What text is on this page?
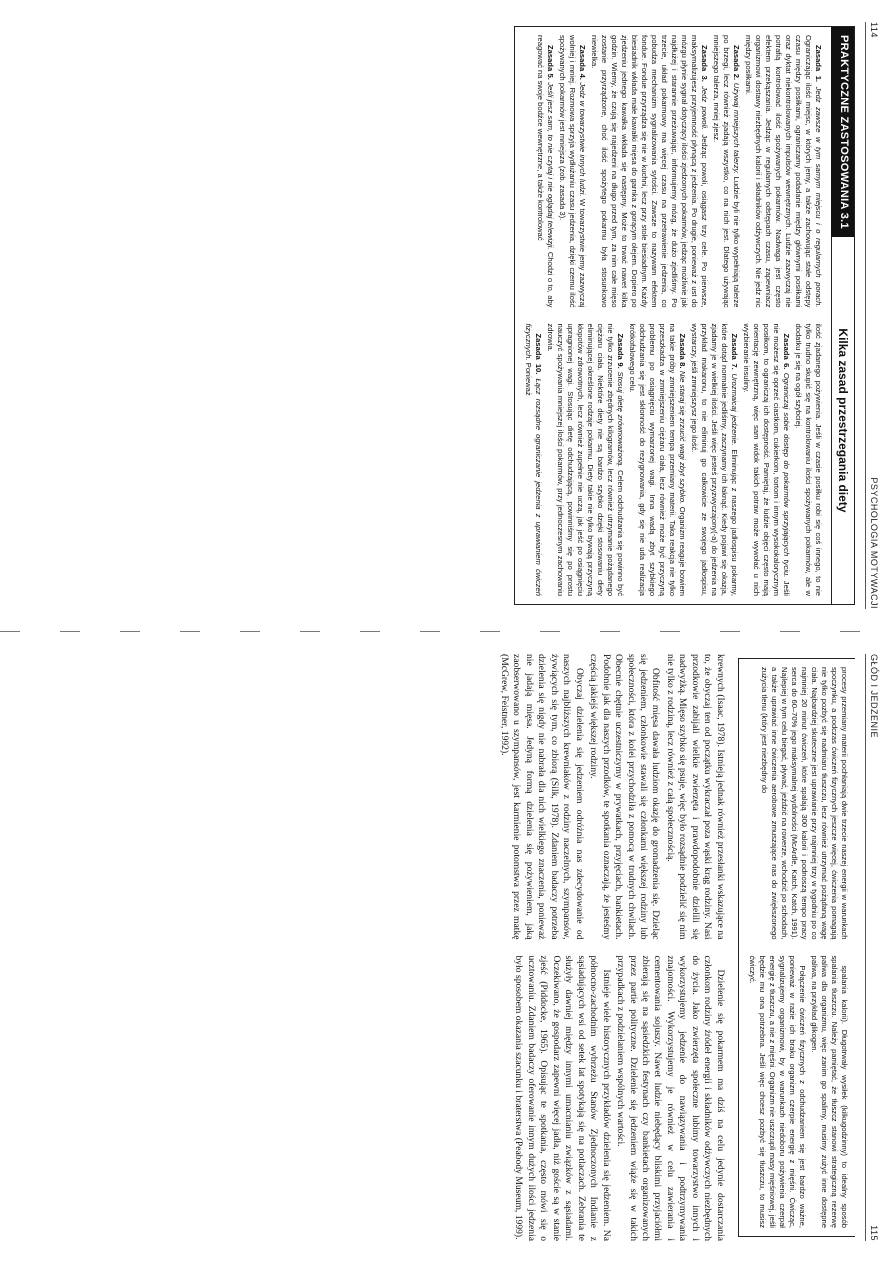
114
PSYCHOLOGIA MOTYWACJI
PRAKTYCZNE ZASTOSOWANIA 3.1
Kilka zasad przestrzegania diety

Zasada 1. Jedz zawsze w tym samym miejscu i o regularnych porach. Ograniczając ilość miejsc, w których jemy, a także zachowując stałe odstępy czasu między posiłkami, ograniczamy podadanie między głównymi posiłkami oraz dyktat niekontrolowanych impulsów wewnętrznych. Ludzie zazwyczaj nie potrafią kontrolować ilość spożywanych pokarmów. Nadwaga jest często efektem przekąszania. Jedząc w regularnych odstępach czasu, zapewniacz organizmowi dostawy niezbędnych kalorii i składników odżywczych. Nie jedz nic między posiłkami.

Zasada 2. Używaj mniejszych talerzy. Ludzie byli nie tylko wypełniają talerze po brzegi, lecz również zjadają wszystko, co na nich jest. Dlatego używając mniejszego talerza, mniej zjesz.

Zasada 3. Jedz powoli. Jedząc powoli, osiągasz trzy cele. Po pierwsze, maksymalizujesz przyjemność płynącą z jedzenia. Po drugie, ponieważ z ust do mózgu płynie sygnał dotyczący ilości zjedzonych pokarmów, jedząc możliwie jak najdłużej i starannie przeżuwając, informujemy mózg, że dużo zjedliśmy. Po trzecie, układ pokarmowy ma więcej czasu na przetrawienie jedzenia, co pobudza mechanizm sygnalizowania sytości. Zawsze to nazywam efektem fondue. Fondue przyrządza się nie w kuchni, lecz przy stole biesiadnym. Każdy biesiadnik wkłada małe kawałki mięsa do garnka z gorącym olejem. Dopiero po zjedzeniu jednego kawałka wkłada się następny. Może to trwać nawet kilka godzin. Wiemy, że czują się najedzeni na długo przed tym, za nim całe mięso zostanie przyrządzone, choć ilość spożytego pokarmu była stosunkowo niewielka.

Zasada 4. Jedz w towarzystwie innych ludzi. W towarzystwie jemy zazwyczaj wolniej i mniej. Rozmowa sprzyja wydłużaniu czasu jedzenia, dzięki czemu ilość spożywanych pokarmów jest mniejsza (zob. zasada 3).

Zasada 5. Jeśli jesz sam, to nie czytaj i nie oglądaj telewizji. Chodzi o to, aby reagować na swoje bodźce wewnętrzne, a także kontrolować

ilość zjadanego pożywienia. Jeśli w czasie posiłku robi się coś innego, to nie tylko trudno skupić się na kontrolowaniu ilości spożywanych pokarmów, ale w dodatku je się na ogół szybciej.

Zasada 6. Ograniczaj sobie dostęp do pokarmów sprzyjających tyciu. Jeśli nie możesz się oprzeć ciastkom, cukierkom, tortom i innym wysokokalorycznym posiłkom, to ograniczaj ich dostępność. Pamiętaj, że ludzie objęci często mają orientację zewnętrzną, więc sam widok takich potraw może wywołać u nich wyzbieranie insuliny.

Zasada 7. Urozmaicaj jedzenie. Eliminując z naszego jadłospisu pokarmy, które dotąd normalnie jedliśmy, zaczynamy ich łaknąć. Kiedy pojawi się okazja, zjadamy je w wielkiej ilości. Jeśli więc jesteś przyzwyczajony(-a) do jedzenia na przykład makaronu, to nie eliminuj go całkowicie ze swojego jadłospisu, wystarczy, jeśli zmniejszysz jego ilość.

Zasada 8. Nie staraj się zrzucić wagi zbyt szybko. Organizm reaguje bowiem na takie próby zmniejszeniem tempa przemiany materii. Taka reakcja nie tylko przeszkadza w zmniejszeniu ciężaru ciała, lecz również może być przyczyną problemu po osiągnięciu wymarzonej wagi. Inna wadą zbyt szybkiego odchudzania się jest skłonność do rezygnowania, gdy się nie uda realizacja krótkofalowego celu.

Zasada 9. Stosuj dietę zrównoważoną. Celem odchudzania się powinno być nie tylko zrzucenie zbędnych kilogramów, lecz również utrzymanie pożądanego ciężaru ciała. Niektóre diety nie są bardzo szybko dzięki stosowaniu diety eliminującej określone rodzaje pokarmu. Diety takie nie tylko bywają przyczyną kłopotów zdrowotnych, lecz również zupełnie nie uczą, jak jeść po osiągnięciu upragnionej wagi. Stosując dietę odchudzającą, powinniśmy się po prostu nauczyć spożywania mniejszej ilości pokarmów, przy jednoczesnym zachowaniu zdrowia.

Zasada 10. Łącz rozsądne ograniczanie jedzenia z uprawianiem ćwiczeń fizycznych. Ponieważ

GŁÓD I JEDZENIE
115

procesy przemiany materii pochłaniają dwie trzecie naszej energii w warunkach spoczynku, a podczas ćwiczeń fizycznych jeszcze więcej, ćwiczenia pomagają nie tylko pozbyć się nadmiaru tłuszczu, lecz również utrzymać pożądaną wagę ciała. Najbardziej skuteczne jest uprawianie przy najmniej trzy w tygodniu po co najmniej 20 minut ćwiczeń, które spalają 300 kalorii i podnoszą tempo pracy serca do 60–70% jego maksymalnej wydolności (McArdle, Katch, Katch, 1991). Najlepiej w tym celu biegać, pływać, jeździć na rowerze, wchodzić po schodach, a także uprawiać inne ćwiczenia aerobowe zmuszające nas do zwiększonego zużycia tlenu (który jest niezbędny do

spalania kalorii). Długotrwały wysiłek (kilkugodzinny) to idealny sposób spalania tłuszczu. Należy pamiętać, że tłuszcz stanowi strategiczną rezerwę paliwa dla organizmu, więc zanim go spalimy, musimy zużyć inne dostępne paliwa, na przykład glikogen.

Połączenie ćwiczeń fizycznych z odchudzaniem się jest bardzo ważne, ponieważ w razie ich braku organizm czerpie energię z mięśni. Ćwicząc, sygnalizujemy organizmowi, by w warunkach niedoboru pożywienia czerpał energię z tłuszczu, a nie z mięśni. Organizm nie uszczupli masy mięśniowej, jeśli będzie mu ona potrzebna. Jeśli więc chcesz pozbyć się tłuszczu, to musisz ćwiczyć.

krewnych (Isaac, 1978). Istnieją jednak również przesłanki wskazujące na to, że obyczaj ten od początku wykraczał poza wąski krąg rodziny. Nasi przodkowie zabijali wielkie zwierzęta i prawdopodobnie dzielili się nadwyżką. Mięso szybko się psuje, więc było rozsądnie podzielić się nim nie tylko z rodziną, lecz również z całą społecznością.

Obfitość mięsa dawała ludziom okazję do gromadzenia się. Dzieląc się jedzeniem, członkowie stawali się członkami większej rodziny lub społeczności, która z kolei przychodziła z pomocą w trudnych chwilach. Obecnie chętnie uczestniczymy w prywatkach, przyjęciach, bankietach. Podobnie jak dla naszych przodków, te spotkania oznaczają, że jesteśmy częścią jakiejś większej rodziny.

Obyczaj dzielenia się jedzeniem odróżnia nas zdecydowanie od naszych najbliższych krewniaków z rodziny naczelnych, szympansów, żywiących się tym, co zbiorą (Silk, 1978). Zdaniem badaczy potrzeba dzielenia się nigdy nie nabrała dla nich wielkiego znaczenia, ponieważ nie jadają mięsa. Jedyną formą dzielenia się pożywieniem, jaką zaobserwowano u szympansów, jest karmienie potomstwa przez matkę (McGrew, Feistner, 1992).

Dzielenie się pokarmem ma dziś na celu jedynie dostarczania członkom rodziny źródeł energii i składników odżywczych niezbędnych do życia. Jako zwierzęta społeczne lubimy towarzystwo innych i wykorzystujemy jedzenie do nawiązywania i podtrzymywania znajomości. Wykorzystujemy je również w celu zawierania i cementowania sojuszy. Nawet ludzie niebędący bliskimi przyjaciółmi zbierają się na sąsiedzkich festynach czy bankietach organizowanych przez partie polityczne. Dzielenie się jedzeniem wiąże się w takich przypadkach z podzielaniem wspólnych wartości.

Istnieje wiele historycznych przykładów dzielenia się jedzeniem. Na północno-zachodnim wybrzeżu Stanów Zjednoczonych Indianie z sąsiadujących wsi od setek lat spotykają się na potlaczach. Zebrania te służyły dawniej między innymi umacnianiu związków z sąsiadami. Oczekiwano, że gospodarz zapewni więcej jadła, niż goście są w stanie zjeść (Piddocke, 1965). Opisując te spotkania, często mówi się o ucztowaniu. Zdaniem badaczy oferowanie innym dużych ilości jedzenia było sposobem okazania szacunku i braterstwa (Peabody Museum, 1999).
